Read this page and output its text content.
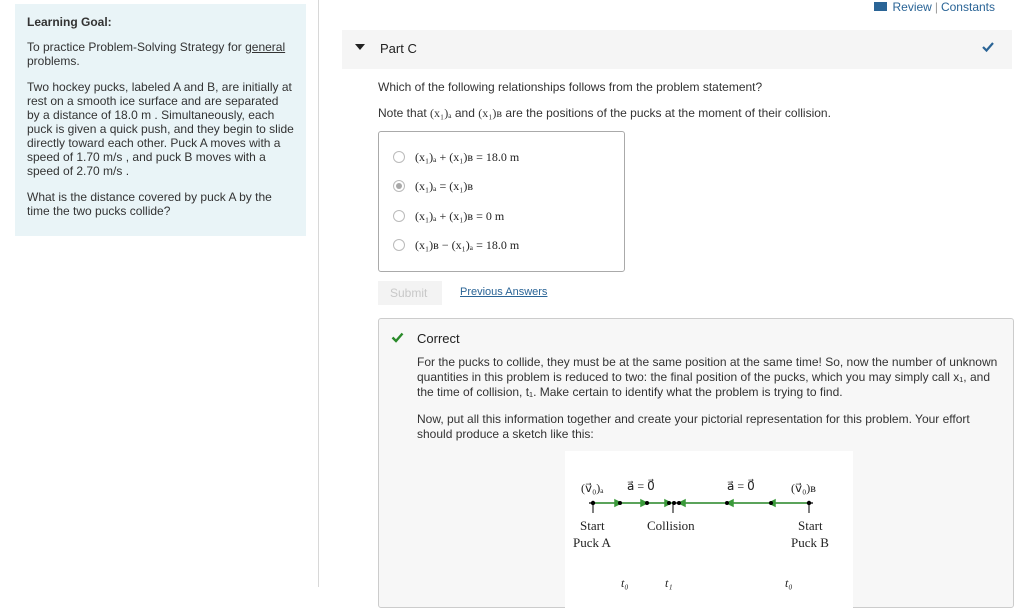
Learning Goal:

To practice Problem-Solving Strategy for general problems.

Two hockey pucks, labeled A and B, are initially at rest on a smooth ice surface and are separated by a distance of 18.0 m . Simultaneously, each puck is given a quick push, and they begin to slide directly toward each other. Puck A moves with a speed of 1.70 m/s , and puck B moves with a speed of 2.70 m/s .

What is the distance covered by puck A by the time the two pucks collide?

Review | Constants
Part C
Which of the following relationships follows from the problem statement?
Note that (x₁)ₐ and (x₁)ʙ are the positions of the pucks at the moment of their collision.
(x₁)ₐ + (x₁)ʙ = 18.0 m
(x₁)ₐ = (x₁)ʙ
(x₁)ₐ + (x₁)ʙ = 0 m
(x₁)ʙ − (x₁)ₐ = 18.0 m
Submit	Previous Answers
Correct
For the pucks to collide, they must be at the same position at the same time! So, now the number of unknown quantities in this problem is reduced to two: the final position of the pucks, which you may simply call x₁, and the time of collision, t₁. Make certain to identify what the problem is trying to find.
Now, put all this information together and create your pictorial representation for this problem. Your effort should produce a sketch like this:
(v⃗₀)ₐ a⃗ = 0⃗	a⃗ = 0⃗	(v⃗₀)ʙ
Start
Puck A
Collision	Start
Puck B
t₀	t₁	t₀
